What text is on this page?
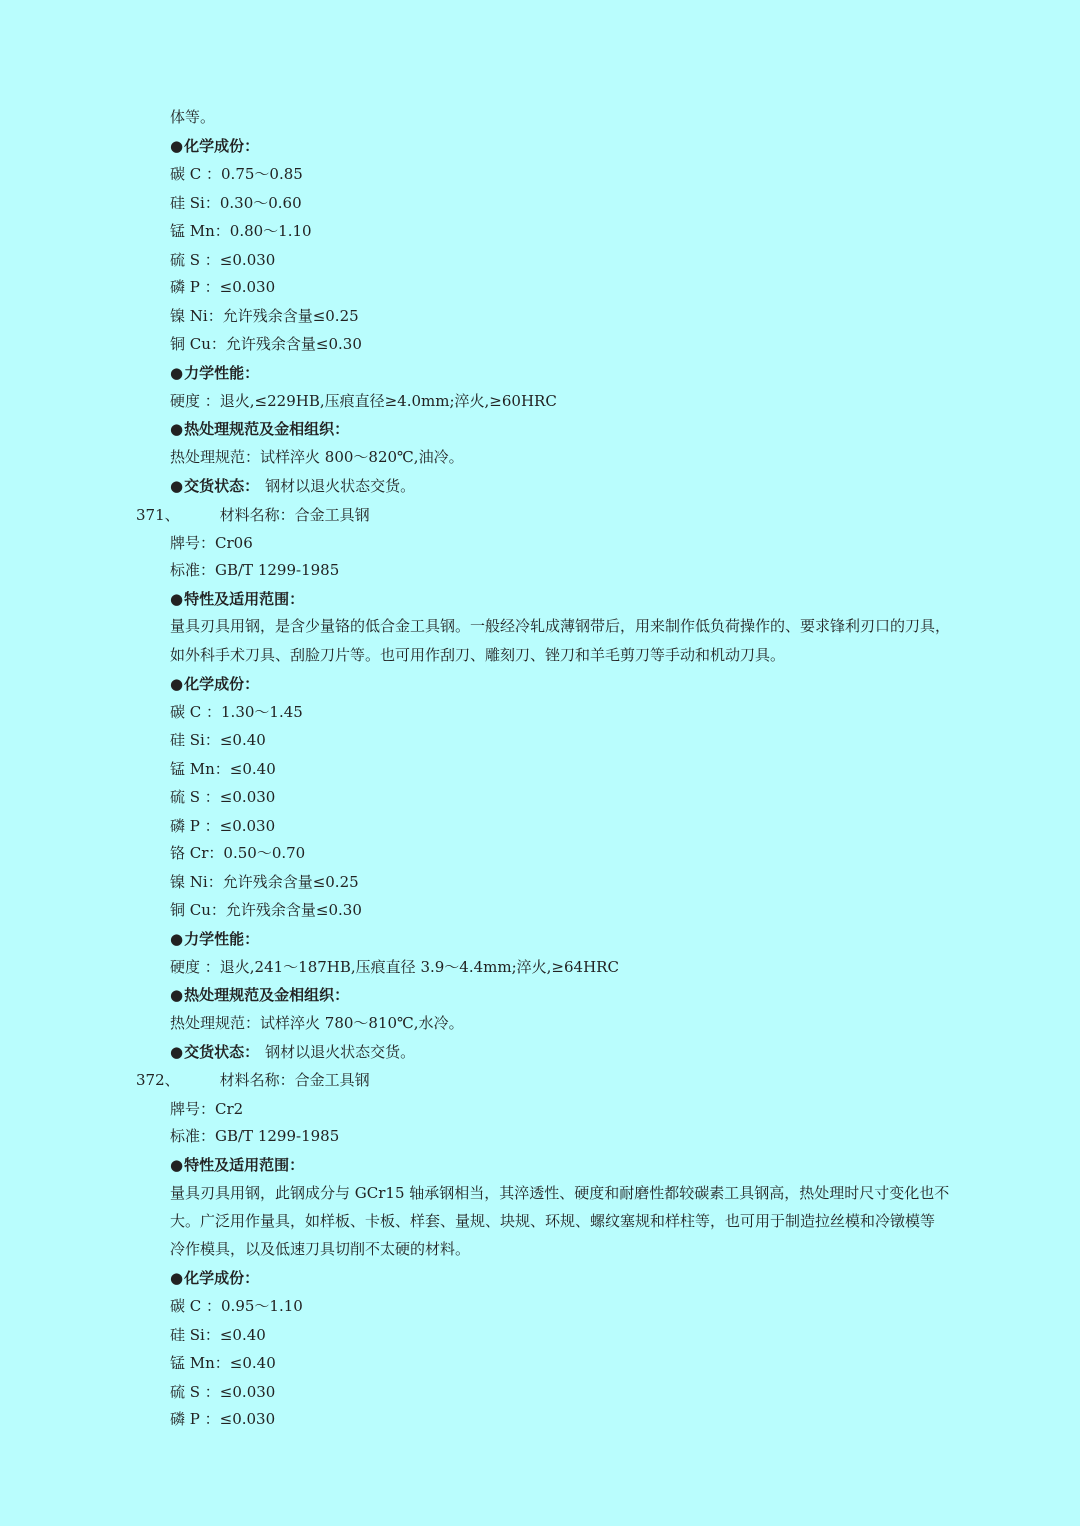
体等。

●化学成份：

碳 C ：0.75～0.85

硅 Si：0.30～0.60

锰 Mn：0.80～1.10

硫 S ：≤0.030

磷 P ：≤0.030

镍 Ni：允许残余含量≤0.25

铜 Cu：允许残余含量≤0.30

●力学性能：

硬度 ：退火,≤229HB,压痕直径≥4.0mm;淬火,≥60HRC

●热处理规范及金相组织：

热处理规范：试样淬火 800～820℃,油冷。

●交货状态： 钢材以退火状态交货。

371、	材料名称：合金工具钢

牌号：Cr06

标准：GB/T 1299-1985

●特性及适用范围：

量具刃具用钢，是含少量铬的低合金工具钢。一般经冷轧成薄钢带后，用来制作低负荷操作的、要求锋利刃口的刀具，

如外科手术刀具、刮脸刀片等。也可用作刮刀、雕刻刀、锉刀和羊毛剪刀等手动和机动刀具。

●化学成份：

碳 C ：1.30～1.45

硅 Si：≤0.40

锰 Mn：≤0.40

硫 S ：≤0.030

磷 P ：≤0.030

铬 Cr：0.50～0.70

镍 Ni：允许残余含量≤0.25

铜 Cu：允许残余含量≤0.30

●力学性能：

硬度 ：退火,241～187HB,压痕直径 3.9～4.4mm;淬火,≥64HRC

●热处理规范及金相组织：

热处理规范：试样淬火 780～810℃,水冷。

●交货状态： 钢材以退火状态交货。

372、	材料名称：合金工具钢

牌号：Cr2

标准：GB/T 1299-1985

●特性及适用范围：

量具刃具用钢，此钢成分与 GCr15 轴承钢相当，其淬透性、硬度和耐磨性都较碳素工具钢高，热处理时尺寸变化也不

大。广泛用作量具，如样板、卡板、样套、量规、块规、环规、螺纹塞规和样柱等，也可用于制造拉丝模和冷镦模等

冷作模具，以及低速刀具切削不太硬的材料。

●化学成份：

碳 C ：0.95～1.10

硅 Si：≤0.40

锰 Mn：≤0.40

硫 S ：≤0.030

磷 P ：≤0.030
